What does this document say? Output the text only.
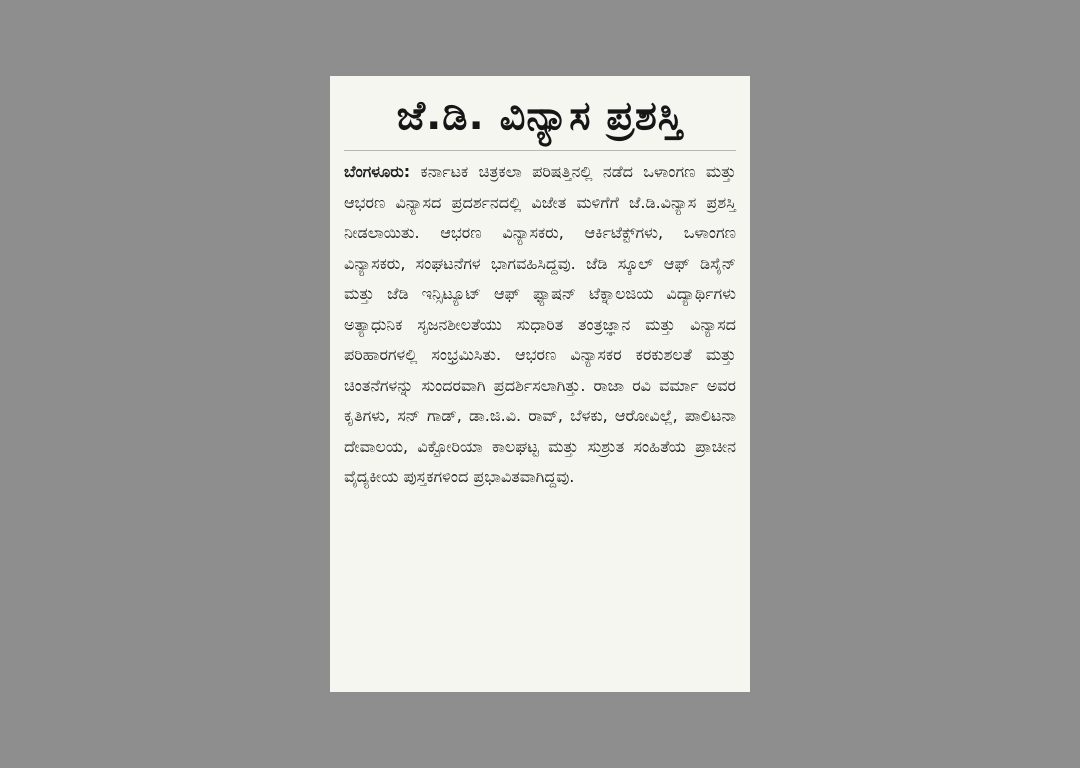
ಜೆ.ಡಿ. ವಿನ್ಯಾಸ ಪ್ರಶಸ್ತಿ

ಬೆಂಗಳೂರು: ಕರ್ನಾಟಕ ಚಿತ್ರಕಲಾ ಪರಿಷತ್ತಿನಲ್ಲಿ ನಡೆದ ಒಳಾಂಗಣ ಮತ್ತು ಆಭರಣ ವಿನ್ಯಾಸದ ಪ್ರದರ್ಶನದಲ್ಲಿ ವಿಜೇತ ಮಳಿಗೆಗೆ ಜೆ.ಡಿ.ವಿನ್ಯಾಸ ಪ್ರಶಸ್ತಿ ನೀಡಲಾಯಿತು. ಆಭರಣ ವಿನ್ಯಾಸಕರು, ಆರ್ಕಿಟೆಕ್ಟ್‌ಗಳು, ಒಳಾಂಗಣ ವಿನ್ಯಾಸಕರು, ಸಂಘಟನೆಗಳ ಭಾಗವಹಿಸಿದ್ದವು. ಜೆಡಿ ಸ್ಕೂಲ್ ಆಫ್ ಡಿಸೈನ್ ಮತ್ತು ಜೆಡಿ ಇನ್ಸಿಟ್ಯೂಟ್ ಆಫ್ ಫ್ಯಾಷನ್ ಟೆಕ್ನಾಲಜಿಯ ವಿದ್ಯಾರ್ಥಿಗಳು ಅತ್ಯಾಧುನಿಕ ಸೃಜನಶೀಲತೆಯು ಸುಧಾರಿತ ತಂತ್ರಜ್ಞಾನ ಮತ್ತು ವಿನ್ಯಾಸದ ಪರಿಹಾರಗಳಲ್ಲಿ ಸಂಭ್ರಮಿಸಿತು. ಆಭರಣ ವಿನ್ಯಾಸಕರ ಕರಕುಶಲತೆ ಮತ್ತು ಚಿಂತನೆಗಳನ್ನು ಸುಂದರವಾಗಿ ಪ್ರದರ್ಶಿಸಲಾಗಿತ್ತು. ರಾಜಾ ರವಿ ವರ್ಮಾ ಅವರ ಕೃತಿಗಳು, ಸನ್ ಗಾಡ್, ಡಾ.ಜಿ.ವಿ. ರಾವ್, ಬೆಳಕು, ಆರೋವಿಲ್ಲೆ, ಪಾಲಿಟನಾ ದೇವಾಲಯ, ವಿಕ್ಟೋರಿಯಾ ಕಾಲಘಟ್ಟ ಮತ್ತು ಸುಶ್ರುತ ಸಂಹಿತೆಯ ಪ್ರಾಚೀನ ವೈದ್ಯಕೀಯ ಪುಸ್ತಕಗಳಿಂದ ಪ್ರಭಾವಿತವಾಗಿದ್ದವು.
